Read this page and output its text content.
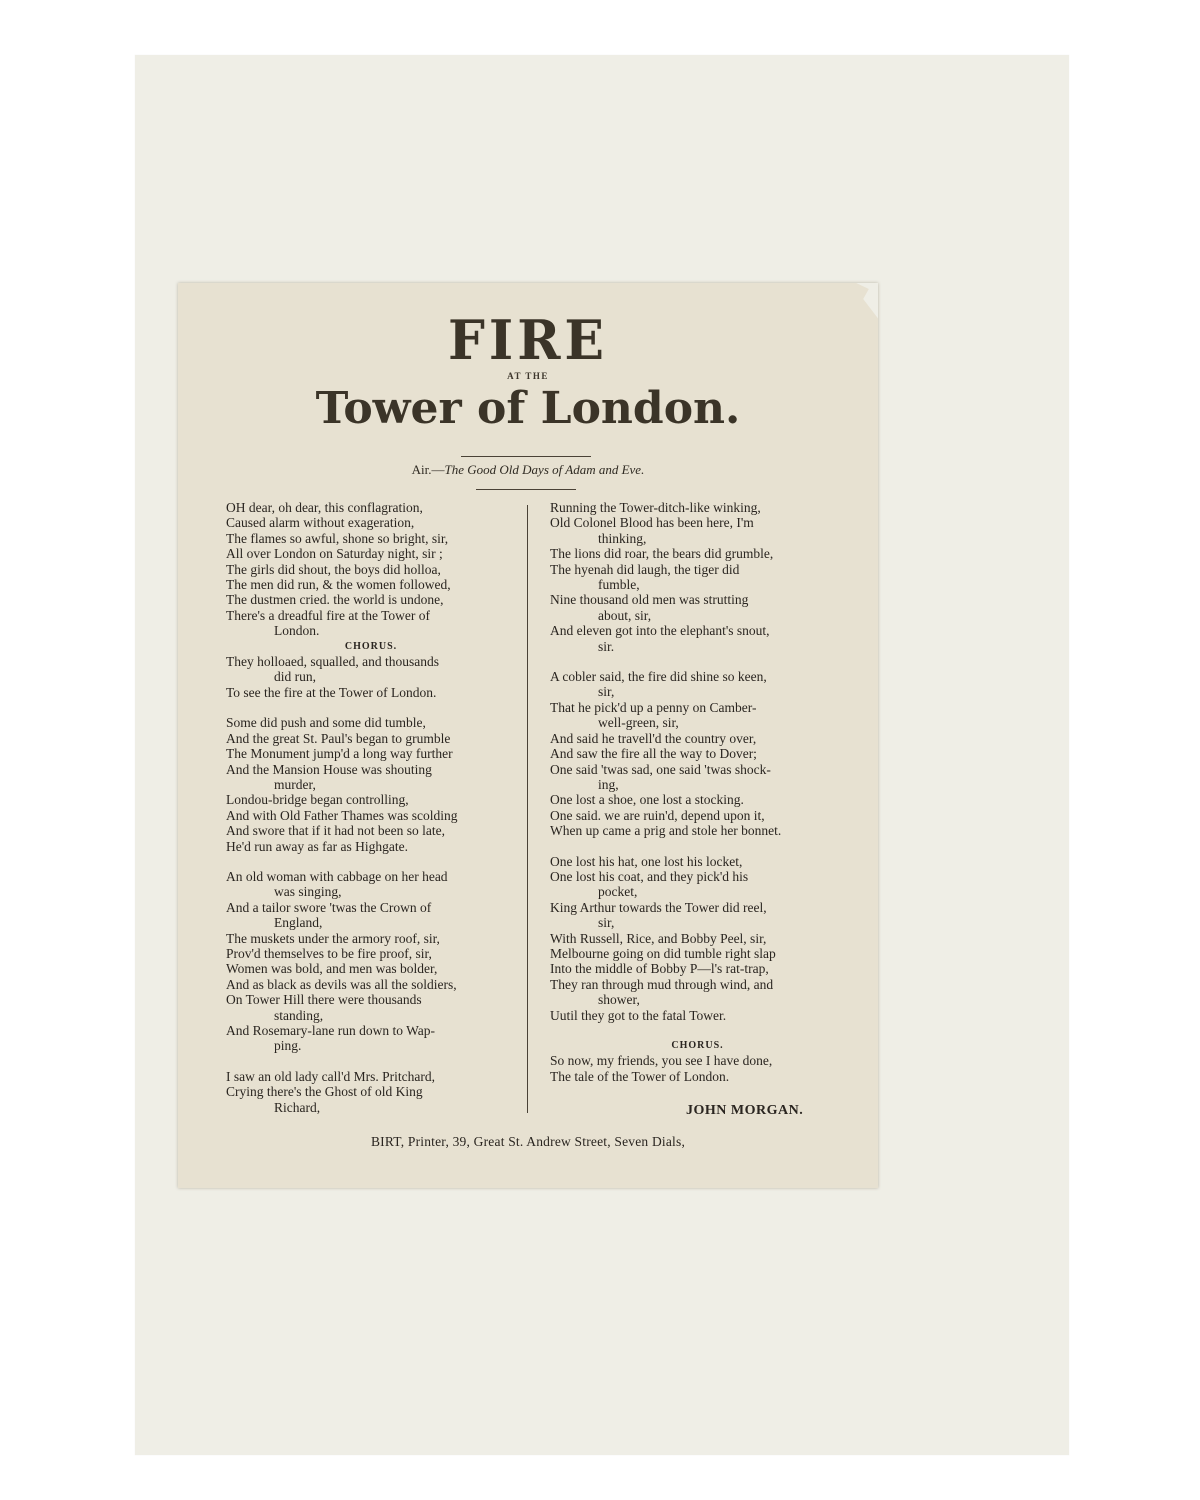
FIRE
AT THE
Tower of London.
Air.—The Good Old Days of Adam and Eve.
OH dear, oh dear, this conflagration,
Caused alarm without exageration,
The flames so awful, shone so bright, sir,
All over London on Saturday night, sir ;
The girls did shout, the boys did holloa,
The men did run, & the women followed,
The dustmen cried. the world is undone,
There's a dreadful fire at the Tower of
London.
CHORUS.
They holloaed, squalled, and thousands
did run,
To see the fire at the Tower of London.
Some did push and some did tumble,
And the great St. Paul's began to grumble
The Monument jump'd a long way further
And the Mansion House was shouting
murder,
Londou-bridge began controlling,
And with Old Father Thames was scolding
And swore that if it had not been so late,
He'd run away as far as Highgate.
An old woman with cabbage on her head
was singing,
And a tailor swore 'twas the Crown of
England,
The muskets under the armory roof, sir,
Prov'd themselves to be fire proof, sir,
Women was bold, and men was bolder,
And as black as devils was all the soldiers,
On Tower Hill there were thousands
standing,
And Rosemary-lane run down to Wap-
ping.
I saw an old lady call'd Mrs. Pritchard,
Crying there's the Ghost of old King
Richard,
Running the Tower-ditch-like winking,
Old Colonel Blood has been here, I'm
thinking,
The lions did roar, the bears did grumble,
The hyenah did laugh, the tiger did
fumble,
Nine thousand old men was strutting
about, sir,
And eleven got into the elephant's snout,
sir.
A cobler said, the fire did shine so keen,
sir,
That he pick'd up a penny on Camber-
well-green, sir,
And said he travell'd the country over,
And saw the fire all the way to Dover;
One said 'twas sad, one said 'twas shock-
ing,
One lost a shoe, one lost a stocking.
One said. we are ruin'd, depend upon it,
When up came a prig and stole her bonnet.
One lost his hat, one lost his locket,
One lost his coat, and they pick'd his
pocket,
King Arthur towards the Tower did reel,
sir,
With Russell, Rice, and Bobby Peel, sir,
Melbourne going on did tumble right slap
Into the middle of Bobby P—l's rat-trap,
They ran through mud through wind, and
shower,
Uutil they got to the fatal Tower.
CHORUS.
So now, my friends, you see I have done,
The tale of the Tower of London.
JOHN MORGAN.
BIRT, Printer, 39, Great St. Andrew Street, Seven Dials,
